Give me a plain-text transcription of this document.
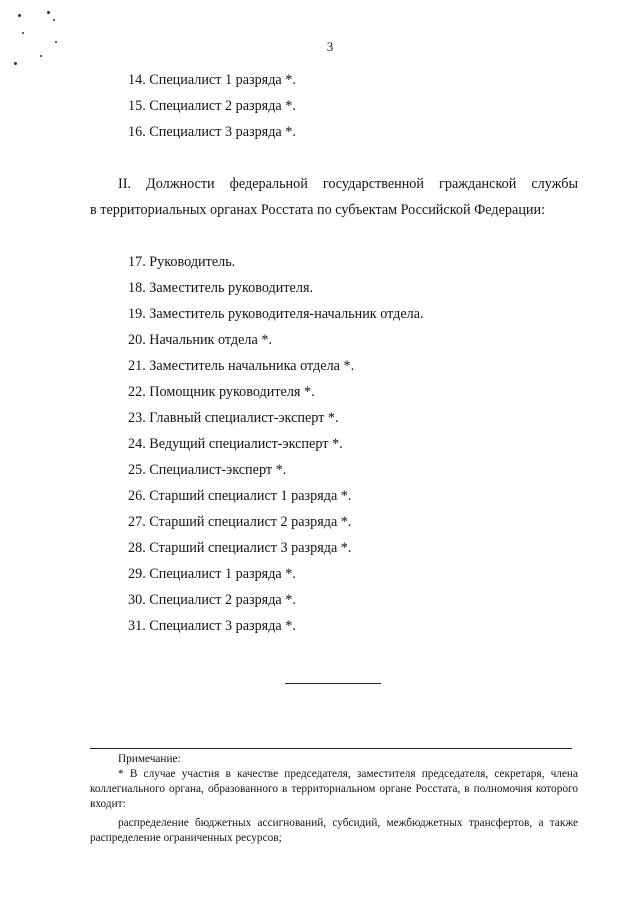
3
14. Специалист 1 разряда *.
15. Специалист 2 разряда *.
16. Специалист 3 разряда *.
II. Должности федеральной государственной гражданской службы
в территориальных органах Росстата по субъектам Российской Федерации:
17. Руководитель.
18. Заместитель руководителя.
19. Заместитель руководителя-начальник отдела.
20. Начальник отдела *.
21. Заместитель начальника отдела *.
22. Помощник руководителя *.
23. Главный специалист-эксперт *.
24. Ведущий специалист-эксперт *.
25. Специалист-эксперт *.
26. Старший специалист 1 разряда *.
27. Старший специалист 2 разряда *.
28. Старший специалист 3 разряда *.
29. Специалист 1 разряда *.
30. Специалист 2 разряда *.
31. Специалист 3 разряда *.

Примечание:

* В случае участия в качестве председателя, заместителя председателя, секретаря, члена коллегиального органа, образованного в территориальном органе Росстата, в полномочия которого входит:

распределение бюджетных ассигнований, субсидий, межбюджетных трансфертов, а также распределение ограниченных ресурсов;
